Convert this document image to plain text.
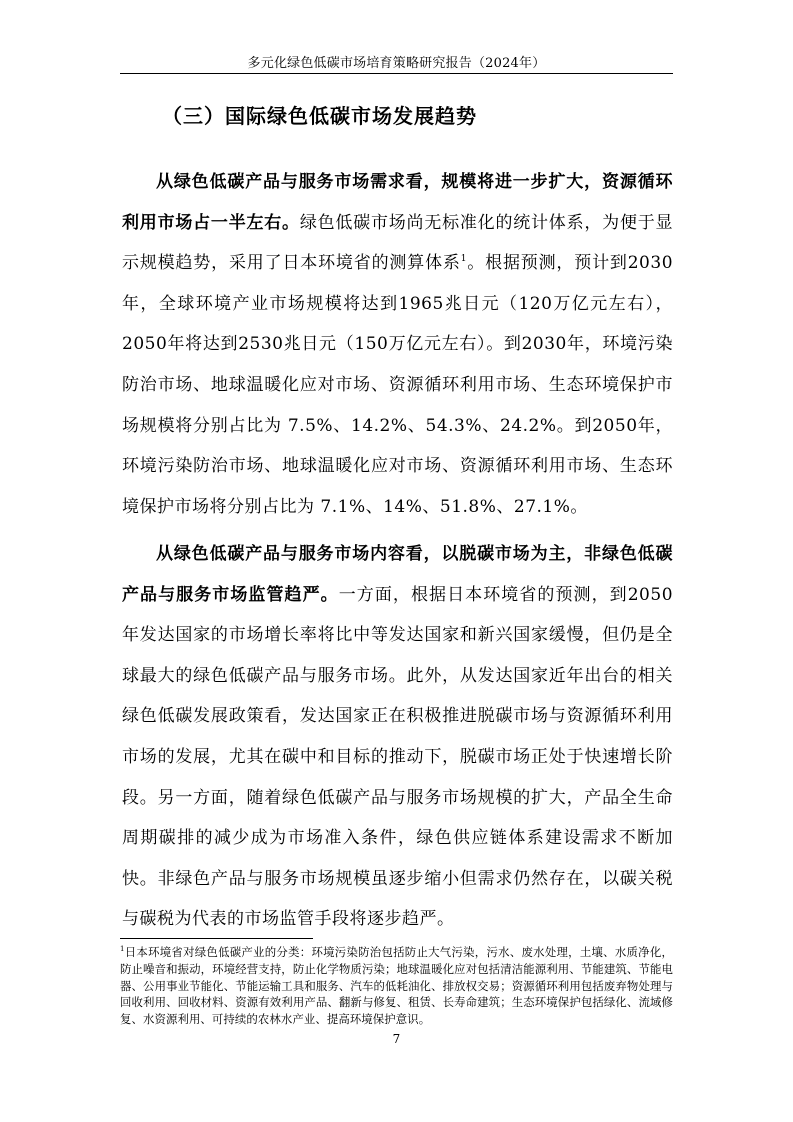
多元化绿色低碳市场培育策略研究报告（2024年）
（三）国际绿色低碳市场发展趋势

从绿色低碳产品与服务市场需求看，规模将进一步扩大，资源循环利用市场占一半左右。绿色低碳市场尚无标准化的统计体系，为便于显示规模趋势，采用了日本环境省的测算体系$^1$。根据预测，预计到2030年，全球环境产业市场规模将达到1965兆日元（120万亿元左右），2050年将达到2530兆日元（150万亿元左右）。到2030年，环境污染防治市场、地球温暖化应对市场、资源循环利用市场、生态环境保护市场规模将分别占比为 7.5%、14.2%、54.3%、24.2%。到2050年，环境污染防治市场、地球温暖化应对市场、资源循环利用市场、生态环境保护市场将分别占比为 7.1%、14%、51.8%、27.1%。

从绿色低碳产品与服务市场内容看，以脱碳市场为主，非绿色低碳产品与服务市场监管趋严。一方面，根据日本环境省的预测，到2050年发达国家的市场增长率将比中等发达国家和新兴国家缓慢，但仍是全球最大的绿色低碳产品与服务市场。此外，从发达国家近年出台的相关绿色低碳发展政策看，发达国家正在积极推进脱碳市场与资源循环利用市场的发展，尤其在碳中和目标的推动下，脱碳市场正处于快速增长阶段。另一方面，随着绿色低碳产品与服务市场规模的扩大，产品全生命周期碳排的减少成为市场准入条件，绿色供应链体系建设需求不断加快。非绿色产品与服务市场规模虽逐步缩小但需求仍然存在，以碳关税与碳税为代表的市场监管手段将逐步趋严。

$^1$日本环境省对绿色低碳产业的分类：环境污染防治包括防止大气污染，污水、废水处理，土壤、水质净化，防止噪音和振动，环境经营支持，防止化学物质污染；地球温暖化应对包括清洁能源利用、节能建筑、节能电器、公用事业节能化、节能运输工具和服务、汽车的低耗油化、排放权交易；资源循环利用包括废弃物处理与回收利用、回收材料、资源有效利用产品、翻新与修复、租赁、长寿命建筑；生态环境保护包括绿化、流域修复、水资源利用、可持续的农林水产业、提高环境保护意识。
7
